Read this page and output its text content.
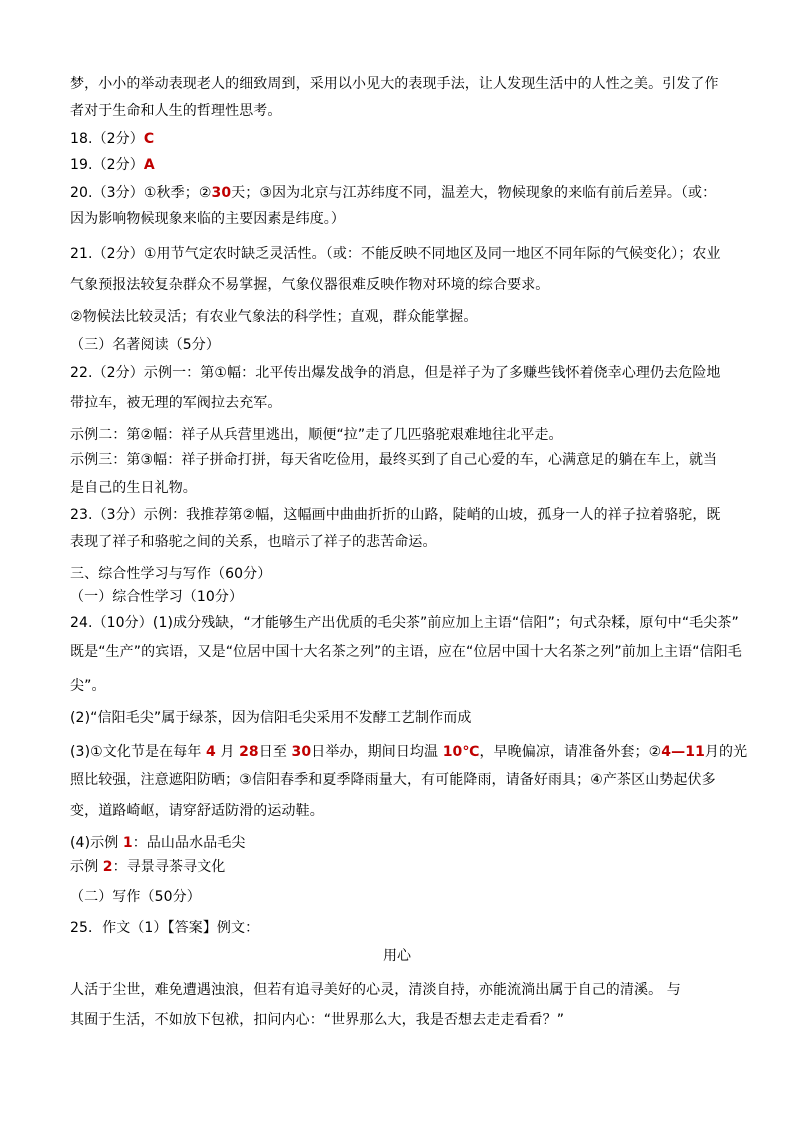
梦，小小的举动表现老人的细致周到，采用以小见大的表现手法，让人发现生活中的人性之美。引发了作
者对于生命和人生的哲理性思考。
18.（2分）C
19.（2分）A
20.（3分）①秋季；②30天；③因为北京与江苏纬度不同，温差大，物候现象的来临有前后差异。（或：
因为影响物候现象来临的主要因素是纬度。）
21.（2分）①用节气定农时缺乏灵活性。（或：不能反映不同地区及同一地区不同年际的气候变化）；农业
气象预报法较复杂群众不易掌握，气象仪器很难反映作物对环境的综合要求。
②物候法比较灵活；有农业气象法的科学性；直观，群众能掌握。
（三）名著阅读（5分）
22.（2分）示例一：第①幅：北平传出爆发战争的消息，但是祥子为了多赚些钱怀着侥幸心理仍去危险地
带拉车，被无理的军阀拉去充军。
示例二：第②幅：祥子从兵营里逃出，顺便“拉”走了几匹骆驼艰难地往北平走。
示例三：第③幅：祥子拼命打拼，每天省吃俭用，最终买到了自己心爱的车，心满意足的躺在车上，就当
是自己的生日礼物。
23.（3分）示例：我推荐第②幅，这幅画中曲曲折折的山路，陡峭的山坡，孤身一人的祥子拉着骆驼，既
表现了祥子和骆驼之间的关系，也暗示了祥子的悲苦命运。
三、综合性学习与写作（60分）
（一）综合性学习（10分）
24.（10分）(1)成分残缺，“才能够生产出优质的毛尖茶”前应加上主语“信阳”；句式杂糅，原句中“毛尖茶”
既是“生产”的宾语，又是“位居中国十大名茶之列”的主语，应在“位居中国十大名茶之列”前加上主语“信阳毛
尖”。
(2)“信阳毛尖”属于绿茶，因为信阳毛尖采用不发酵工艺制作而成
(3)①文化节是在每年 4 月 28日至 30日举办，期间日均温 10℃，早晚偏凉，请准备外套；②4—11月的光
照比较强，注意遮阳防晒；③信阳春季和夏季降雨量大，有可能降雨，请备好雨具；④产茶区山势起伏多
变，道路崎岖，请穿舒适防滑的运动鞋。
(4)示例 1：品山品水品毛尖
示例 2：寻景寻茶寻文化
（二）写作（50分）
25．作文（1）【答案】例文：
人活于尘世，难免遭遇浊浪，但若有追寻美好的心灵，清淡自持，亦能流淌出属于自己的清溪。 与
其囿于生活，不如放下包袱，扣问内心：“世界那么大，我是否想去走走看看？”
用心
